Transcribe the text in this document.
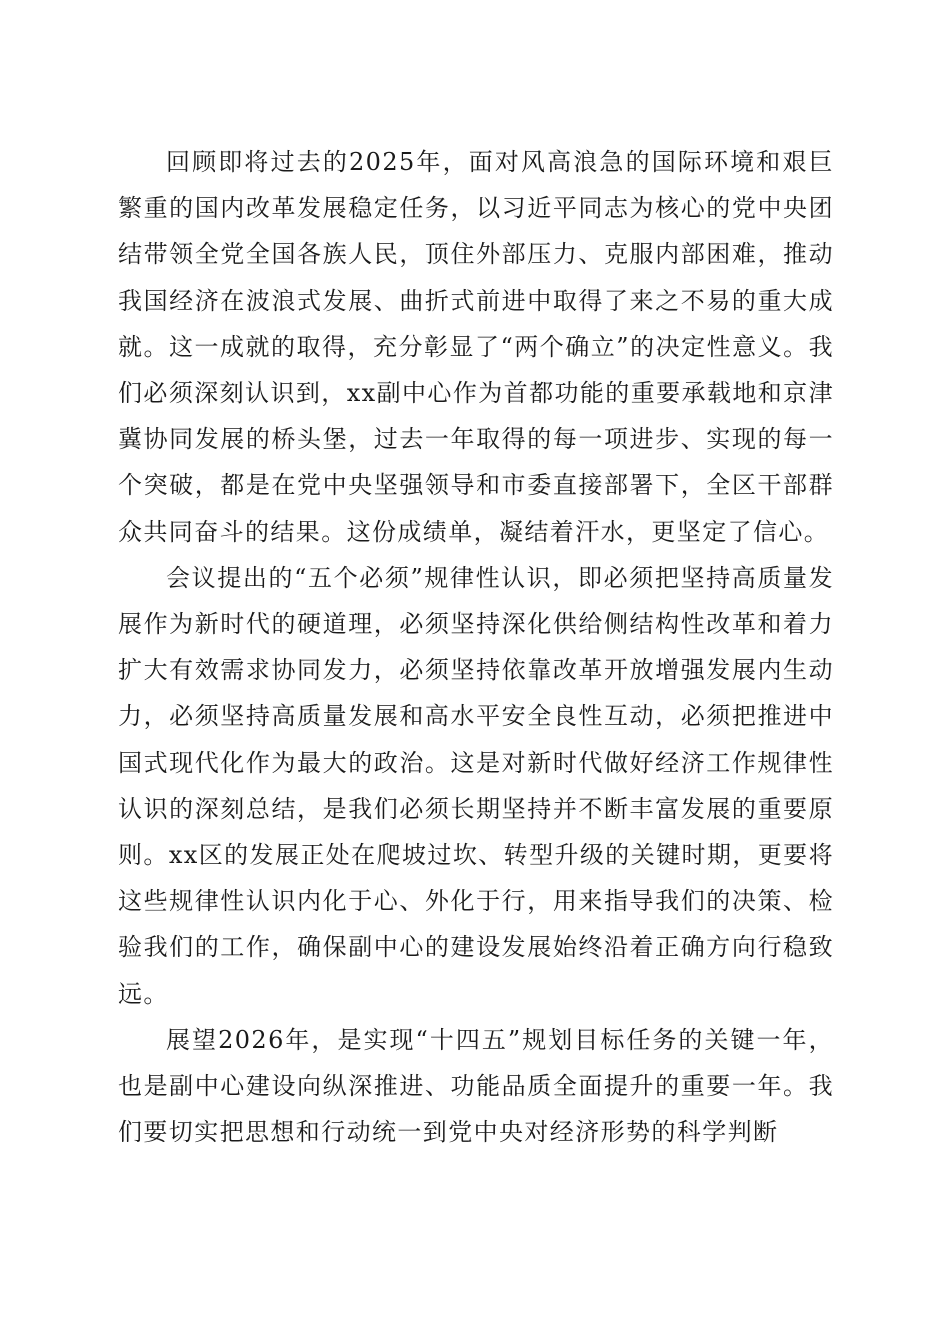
回顾即将过去的2025年，面对风高浪急的国际环境和艰巨繁重的国内改革发展稳定任务，以习近平同志为核心的党中央团结带领全党全国各族人民，顶住外部压力、克服内部困难，推动我国经济在波浪式发展、曲折式前进中取得了来之不易的重大成就。这一成就的取得，充分彰显了“两个确立”的决定性意义。我们必须深刻认识到，xx副中心作为首都功能的重要承载地和京津冀协同发展的桥头堡，过去一年取得的每一项进步、实现的每一个突破，都是在党中央坚强领导和市委直接部署下，全区干部群众共同奋斗的结果。这份成绩单，凝结着汗水，更坚定了信心。

会议提出的“五个必须”规律性认识，即必须把坚持高质量发展作为新时代的硬道理，必须坚持深化供给侧结构性改革和着力扩大有效需求协同发力，必须坚持依靠改革开放增强发展内生动力，必须坚持高质量发展和高水平安全良性互动，必须把推进中国式现代化作为最大的政治。这是对新时代做好经济工作规律性认识的深刻总结，是我们必须长期坚持并不断丰富发展的重要原则。xx区的发展正处在爬坡过坎、转型升级的关键时期，更要将这些规律性认识内化于心、外化于行，用来指导我们的决策、检验我们的工作，确保副中心的建设发展始终沿着正确方向行稳致远。

展望2026年，是实现“十四五”规划目标任务的关键一年，也是副中心建设向纵深推进、功能品质全面提升的重要一年。我们要切实把思想和行动统一到党中央对经济形势的科学判断
